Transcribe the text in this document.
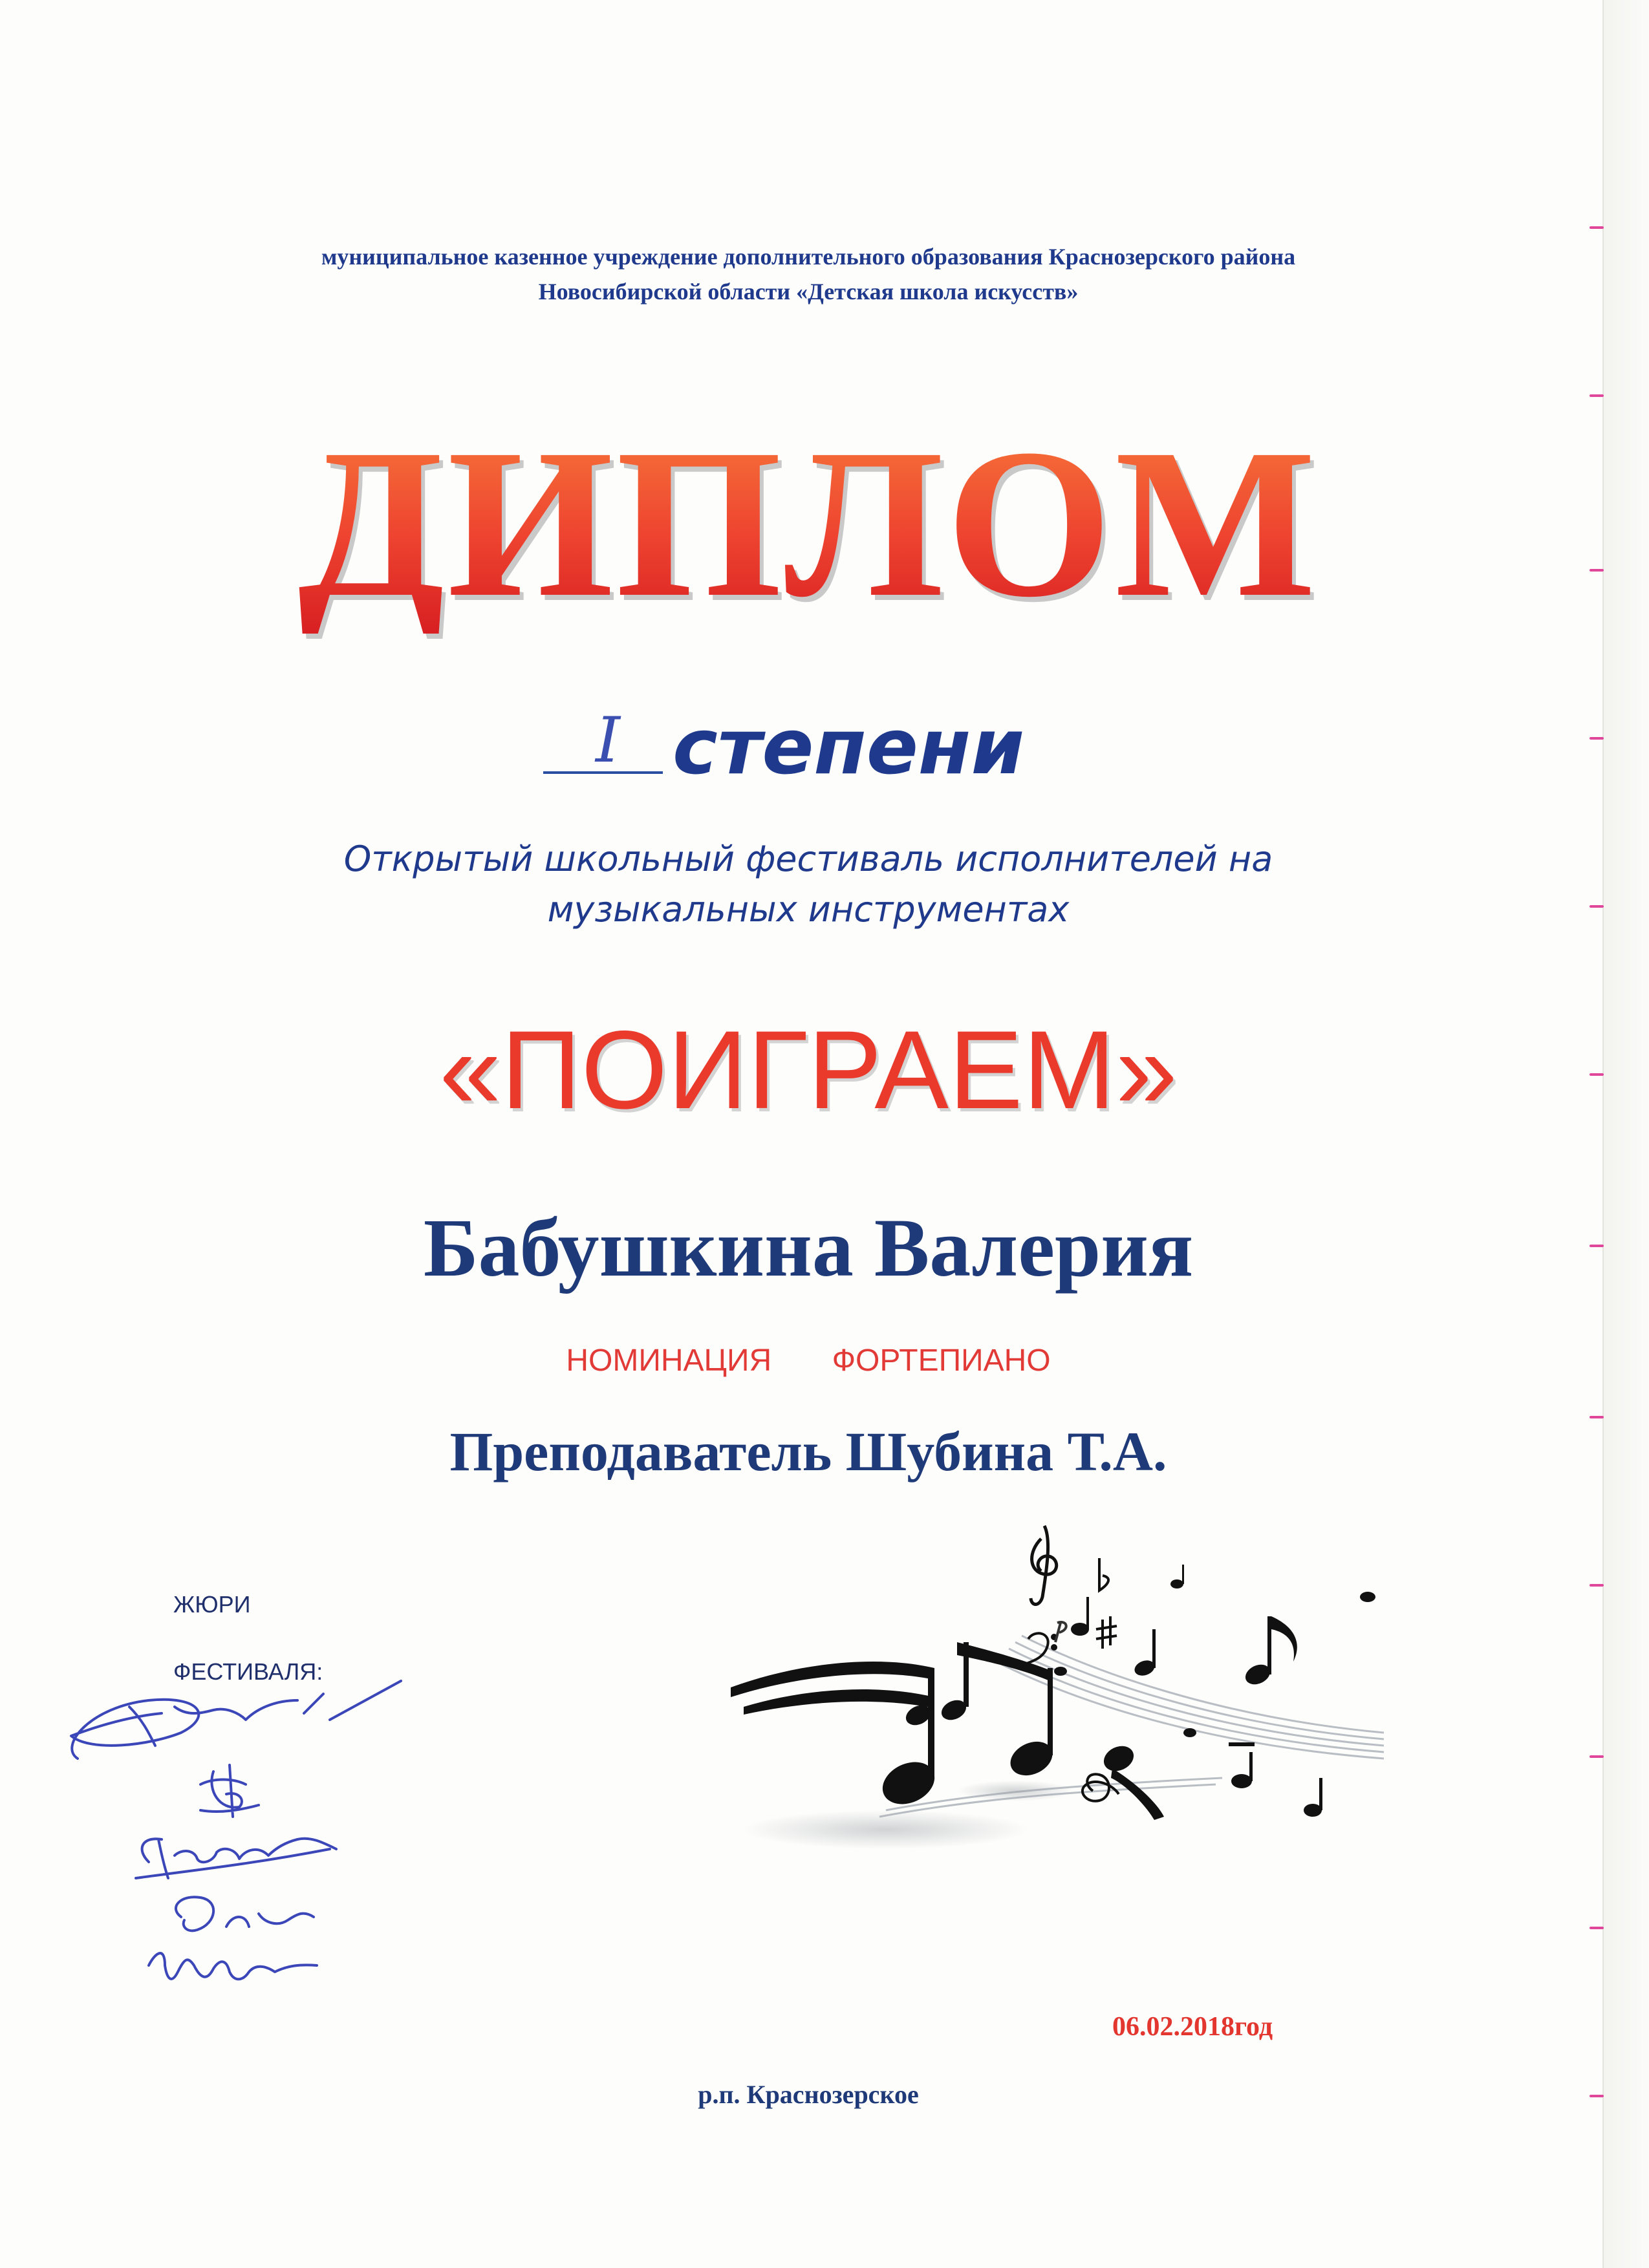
муниципальное казенное учреждение дополнительного образования Краснозерского района
Новосибирской области «Детская школа искусств»
ДИПЛОМ
I степени
Открытый школьный фестиваль исполнителей на
музыкальных инструментах
«ПОИГРАЕМ»
Бабушкина Валерия
НОМИНАЦИЯ ФОРТЕПИАНО
Преподаватель Шубина Т.А.
ЖЮРИ
ФЕСТИВАЛЯ:
06.02.2018год
р.п. Краснозерское
